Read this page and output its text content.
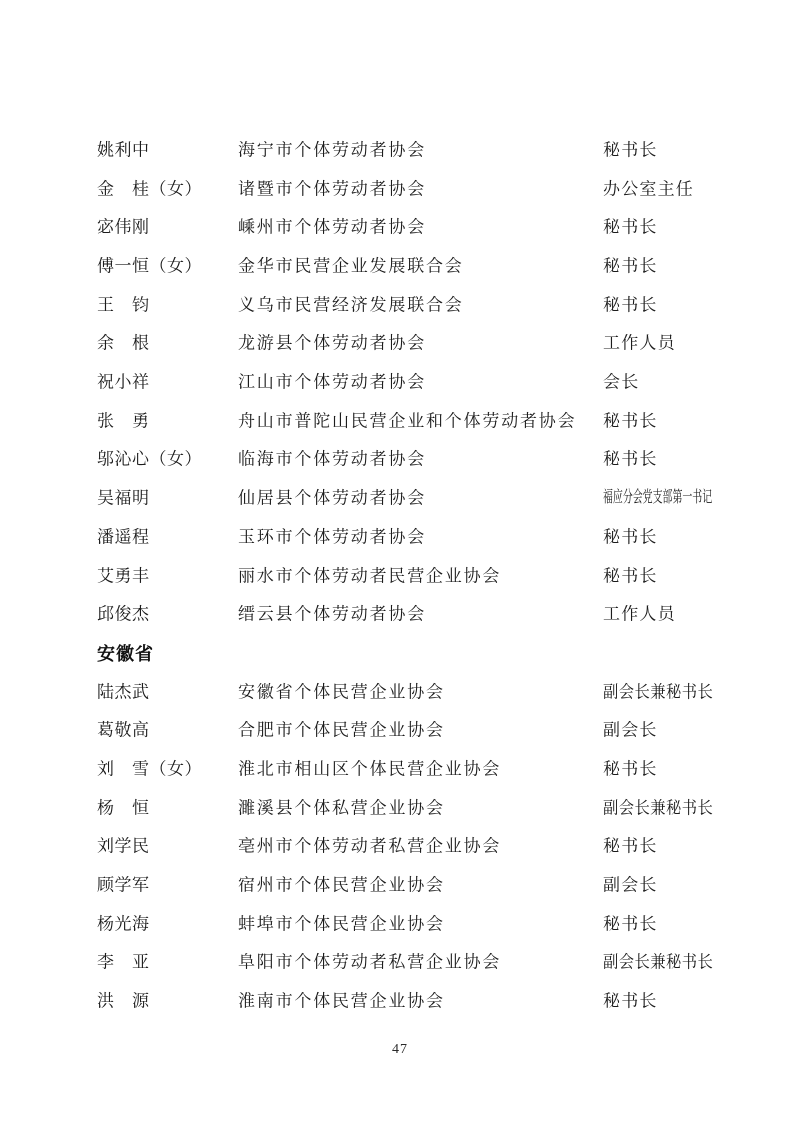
姚利中	海宁市个体劳动者协会	秘书长
金　桂（女） 诸暨市个体劳动者协会	办公室主任
宓伟刚	嵊州市个体劳动者协会	秘书长
傅一恒（女） 金华市民营企业发展联合会	秘书长
王　钧	义乌市民营经济发展联合会	秘书长
余　根	龙游县个体劳动者协会	工作人员
祝小祥	江山市个体劳动者协会	会长
张　勇	舟山市普陀山民营企业和个体劳动者协会 秘书长
邬沁心（女） 临海市个体劳动者协会	秘书长
吴福明	仙居县个体劳动者协会	福应分会党支部第一书记
潘遥程	玉环市个体劳动者协会	秘书长
艾勇丰	丽水市个体劳动者民营企业协会	秘书长
邱俊杰	缙云县个体劳动者协会	工作人员
安徽省
陆杰武	安徽省个体民营企业协会	副会长兼秘书长
葛敬高	合肥市个体民营企业协会	副会长
刘　雪（女） 淮北市相山区个体民营企业协会	秘书长
杨　恒	濉溪县个体私营企业协会	副会长兼秘书长
刘学民	亳州市个体劳动者私营企业协会	秘书长
顾学军	宿州市个体民营企业协会	副会长
杨光海	蚌埠市个体民营企业协会	秘书长
李　亚	阜阳市个体劳动者私营企业协会	副会长兼秘书长
洪　源	淮南市个体民营企业协会	秘书长
47
